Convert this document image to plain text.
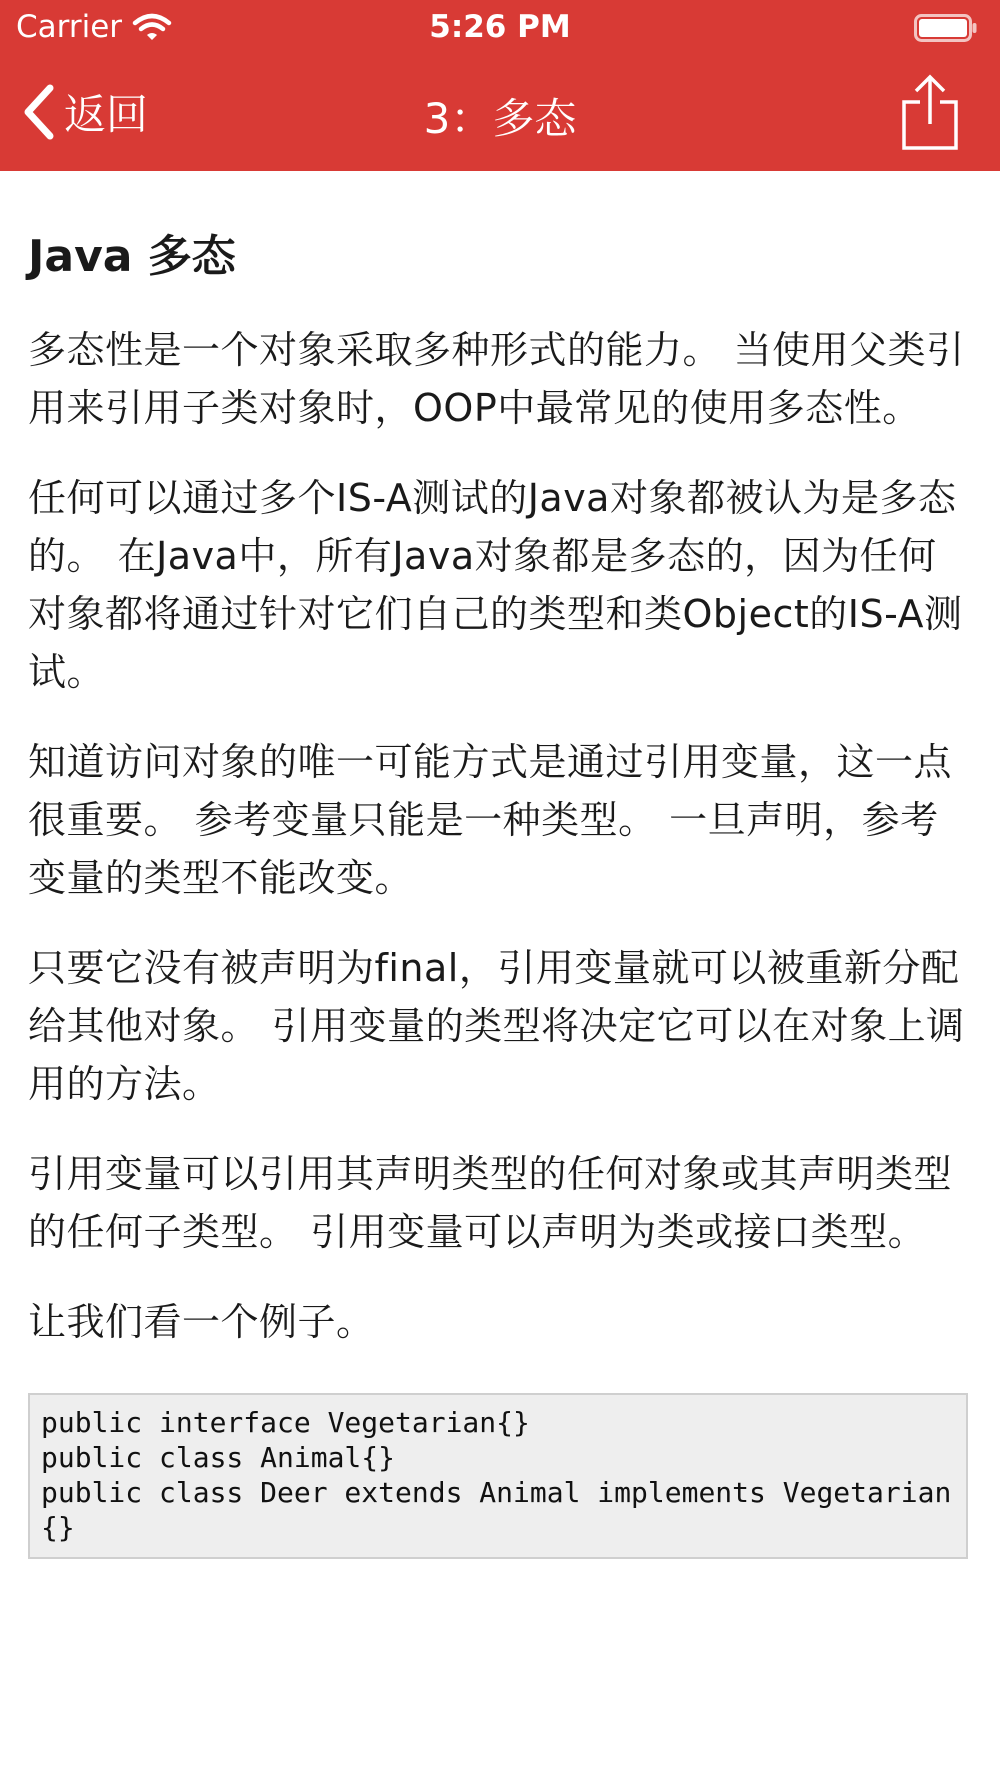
Carrier	5:26 PM
返回	3：多态
Java 多态

多态性是一个对象采取多种形式的能力。 当使用父类引用来引用子类对象时，OOP中最常见的使用多态性。

任何可以通过多个IS-A测试的Java对象都被认为是多态的。 在Java中，所有Java对象都是多态的，因为任何对象都将通过针对它们自己的类型和类Object的IS-A测试。

知道访问对象的唯一可能方式是通过引用变量，这一点很重要。 参考变量只能是一种类型。 一旦声明，参考变量的类型不能改变。

只要它没有被声明为final，引用变量就可以被重新分配给其他对象。 引用变量的类型将决定它可以在对象上调用的方法。

引用变量可以引用其声明类型的任何对象或其声明类型的任何子类型。 引用变量可以声明为类或接口类型。

让我们看一个例子。

public interface Vegetarian{}
public class Animal{}
public class Deer extends Animal implements Vegetarian{}
